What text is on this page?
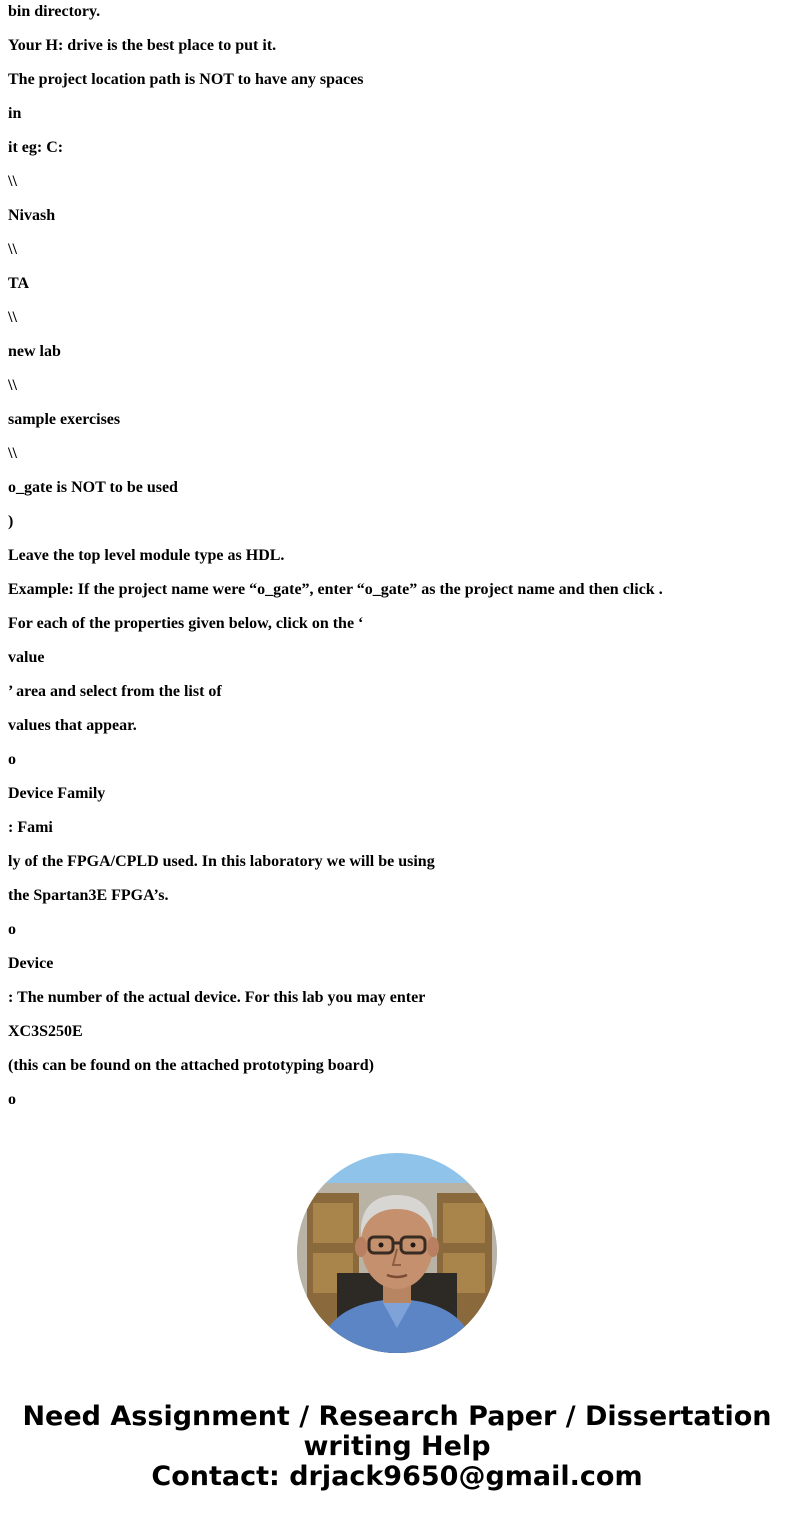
bin directory.

Your H: drive is the best place to put it.

The project location path is NOT to have any spaces

in

it eg: C:

\\

Nivash

\\

TA

\\

new lab

\\

sample exercises

\\

o_gate is NOT to be used

)

Leave the top level module type as HDL.

Example: If the project name were “o_gate”, enter “o_gate” as the project name and then click .

For each of the properties given below, click on the ‘

value

’ area and select from the list of

values that appear.

o

Device Family

: Fami

ly of the FPGA/CPLD used. In this laboratory we will be using

the Spartan3E FPGA’s.

o

Device

: The number of the actual device. For this lab you may enter

XC3S250E

(this can be found on the attached prototyping board)

o

Need Assignment / Research Paper / Dissertation
writing Help
Contact: drjack9650@gmail.com
